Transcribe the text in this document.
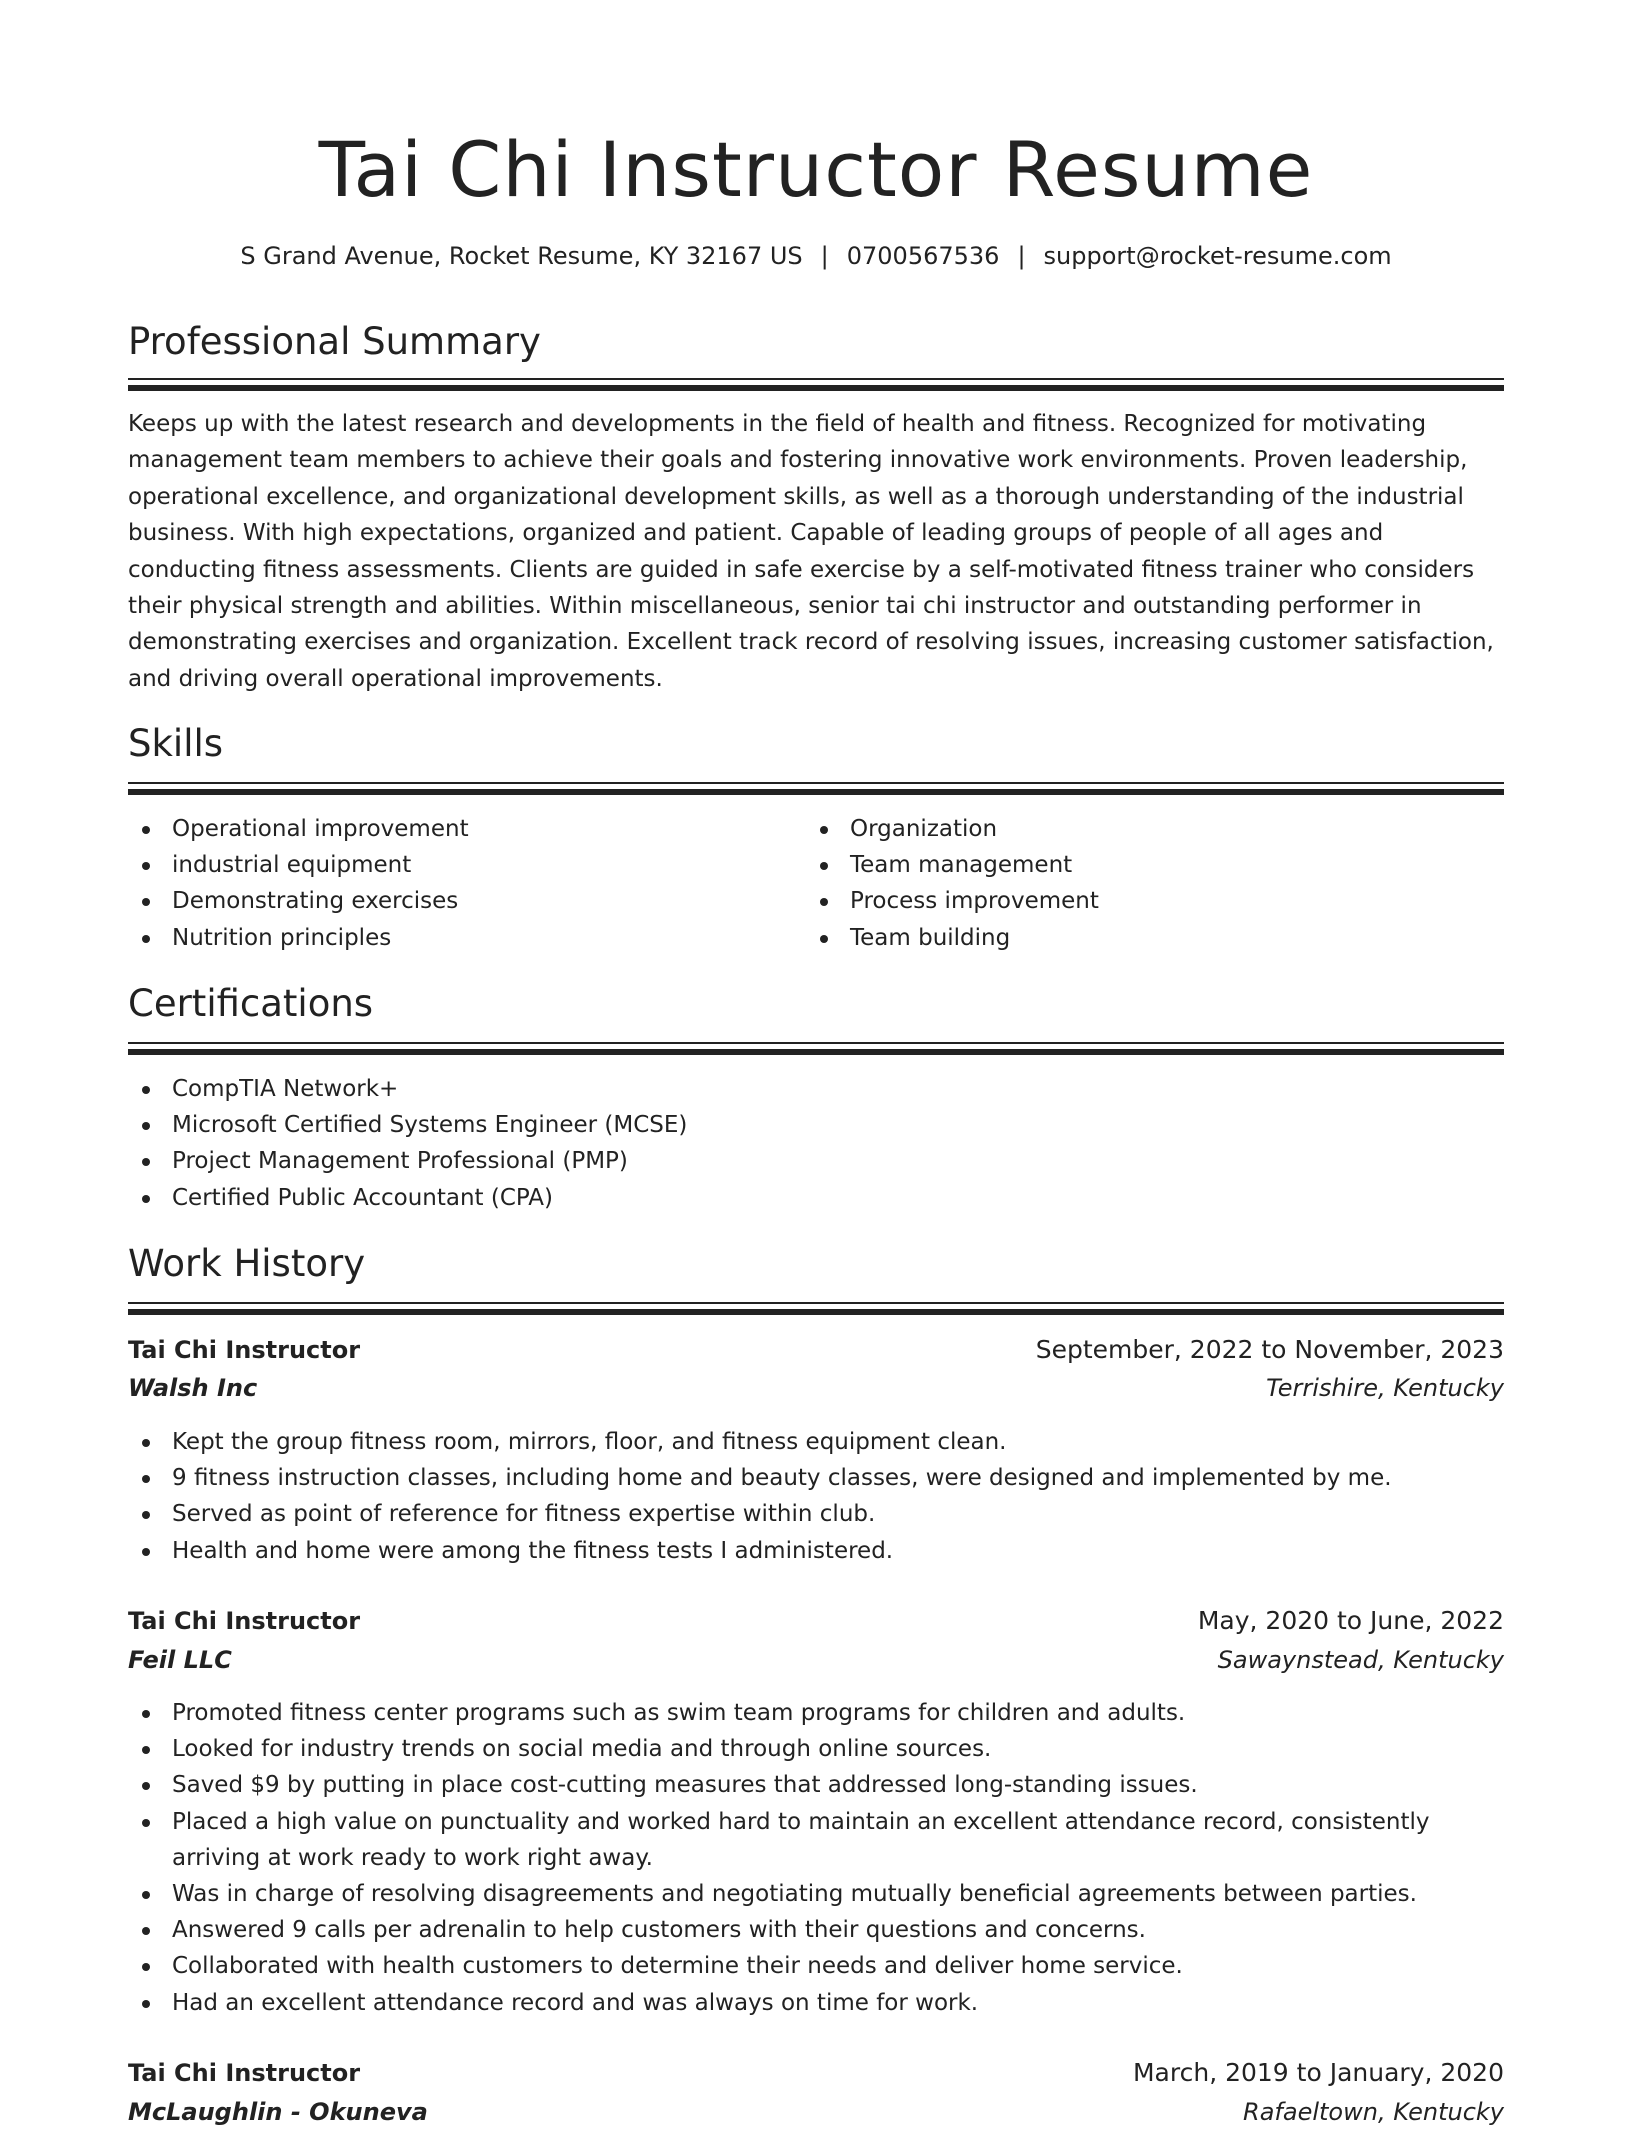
Tai Chi Instructor Resume
S Grand Avenue, Rocket Resume, KY 32167 US | 0700567536 | support@rocket-resume.com
Professional Summary

Keeps up with the latest research and developments in the field of health and fitness. Recognized for motivating management team members to achieve their goals and fostering innovative work environments. Proven leadership, operational excellence, and organizational development skills, as well as a thorough understanding of the industrial business. With high expectations, organized and patient. Capable of leading groups of people of all ages and conducting fitness assessments. Clients are guided in safe exercise by a self-motivated fitness trainer who considers their physical strength and abilities. Within miscellaneous, senior tai chi instructor and outstanding performer in demonstrating exercises and organization. Excellent track record of resolving issues, increasing customer satisfaction, and driving overall operational improvements.

Skills
Operational improvement
industrial equipment
Demonstrating exercises
Nutrition principles
Organization
Team management
Process improvement
Team building
Certifications
CompTIA Network+
Microsoft Certified Systems Engineer (MCSE)
Project Management Professional (PMP)
Certified Public Accountant (CPA)
Work History
Tai Chi Instructor	September, 2022 to November, 2023
Walsh Inc	Terrishire, Kentucky
Kept the group fitness room, mirrors, floor, and fitness equipment clean.
9 fitness instruction classes, including home and beauty classes, were designed and implemented by me.
Served as point of reference for fitness expertise within club.
Health and home were among the fitness tests I administered.
Tai Chi Instructor	May, 2020 to June, 2022
Feil LLC	Sawaynstead, Kentucky
Promoted fitness center programs such as swim team programs for children and adults.
Looked for industry trends on social media and through online sources.
Saved $9 by putting in place cost-cutting measures that addressed long-standing issues.
Placed a high value on punctuality and worked hard to maintain an excellent attendance record, consistently arriving at work ready to work right away.
Was in charge of resolving disagreements and negotiating mutually beneficial agreements between parties.
Answered 9 calls per adrenalin to help customers with their questions and concerns.
Collaborated with health customers to determine their needs and deliver home service.
Had an excellent attendance record and was always on time for work.
Tai Chi Instructor	March, 2019 to January, 2020
McLaughlin - Okuneva	Rafaeltown, Kentucky
